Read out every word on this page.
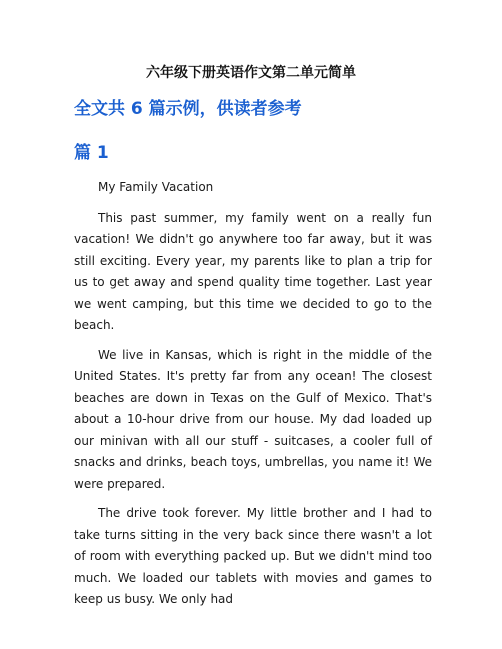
六年级下册英语作文第二单元简单
全文共 6 篇示例，供读者参考
篇 1

My Family Vacation

This past summer, my family went on a really fun vacation! We didn't go anywhere too far away, but it was still exciting. Every year, my parents like to plan a trip for us to get away and spend quality time together. Last year we went camping, but this time we decided to go to the beach.

We live in Kansas, which is right in the middle of the United States. It's pretty far from any ocean! The closest beaches are down in Texas on the Gulf of Mexico. That's about a 10-hour drive from our house. My dad loaded up our minivan with all our stuff - suitcases, a cooler full of snacks and drinks, beach toys, umbrellas, you name it! We were prepared.

The drive took forever. My little brother and I had to take turns sitting in the very back since there wasn't a lot of room with everything packed up. But we didn't mind too much. We loaded our tablets with movies and games to keep us busy. We only had
